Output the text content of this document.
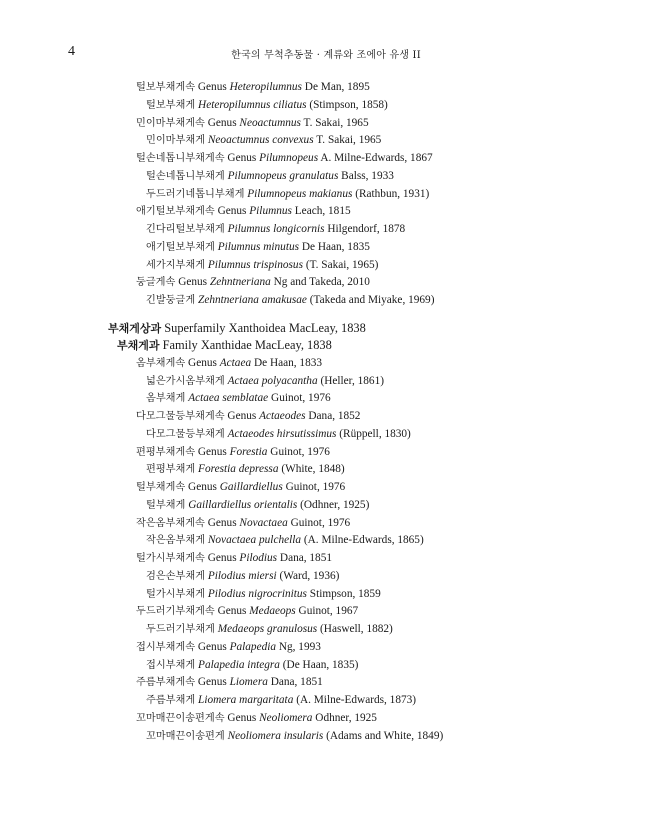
4	한국의 무척추동물 · 계류와 조에아 유생 II
털보부채게속 Genus Heteropilumnus De Man, 1895
털보부채게 Heteropilumnus ciliatus (Stimpson, 1858)
민이마부채게속 Genus Neoactumnus T. Sakai, 1965
민이마부채게 Neoactumnus convexus T. Sakai, 1965
털손네톱니부채게속 Genus Pilumnopeus A. Milne-Edwards, 1867
털손네톱니부채게 Pilumnopeus granulatus Balss, 1933
두드러기네톱니부채게 Pilumnopeus makianus (Rathbun, 1931)
애기털보부채게속 Genus Pilumnus Leach, 1815
긴다리털보부채게 Pilumnus longicornis Hilgendorf, 1878
애기털보부채게 Pilumnus minutus De Haan, 1835
세가지부채게 Pilumnus trispinosus (T. Sakai, 1965)
둥글게속 Genus Zehntneriana Ng and Takeda, 2010
긴발둥글게 Zehntneriana amakusae (Takeda and Miyake, 1969)
부채게상과 Superfamily Xanthoidea MacLeay, 1838
부채게과 Family Xanthidae MacLeay, 1838
옴부채게속 Genus Actaea De Haan, 1833
넓은가시옴부채게 Actaea polyacantha (Heller, 1861)
옴부채게 Actaea semblatae Guinot, 1976
다모그물등부채게속 Genus Actaeodes Dana, 1852
다모그물등부채게 Actaeodes hirsutissimus (Rüppell, 1830)
편평부채게속 Genus Forestia Guinot, 1976
편평부채게 Forestia depressa (White, 1848)
털부채게속 Genus Gaillardiellus Guinot, 1976
털부채게 Gaillardiellus orientalis (Odhner, 1925)
작은옴부채게속 Genus Novactaea Guinot, 1976
작은옴부채게 Novactaea pulchella (A. Milne-Edwards, 1865)
털가시부채게속 Genus Pilodius Dana, 1851
검은손부채게 Pilodius miersi (Ward, 1936)
털가시부채게 Pilodius nigrocrinitus Stimpson, 1859
두드러기부채게속 Genus Medaeops Guinot, 1967
두드러기부채게 Medaeops granulosus (Haswell, 1882)
접시부채게속 Genus Palapedia Ng, 1993
접시부채게 Palapedia integra (De Haan, 1835)
주름부채게속 Genus Liomera Dana, 1851
주름부채게 Liomera margaritata (A. Milne-Edwards, 1873)
꼬마매끈이송편게속 Genus Neoliomera Odhner, 1925
꼬마매끈이송편게 Neoliomera insularis (Adams and White, 1849)
